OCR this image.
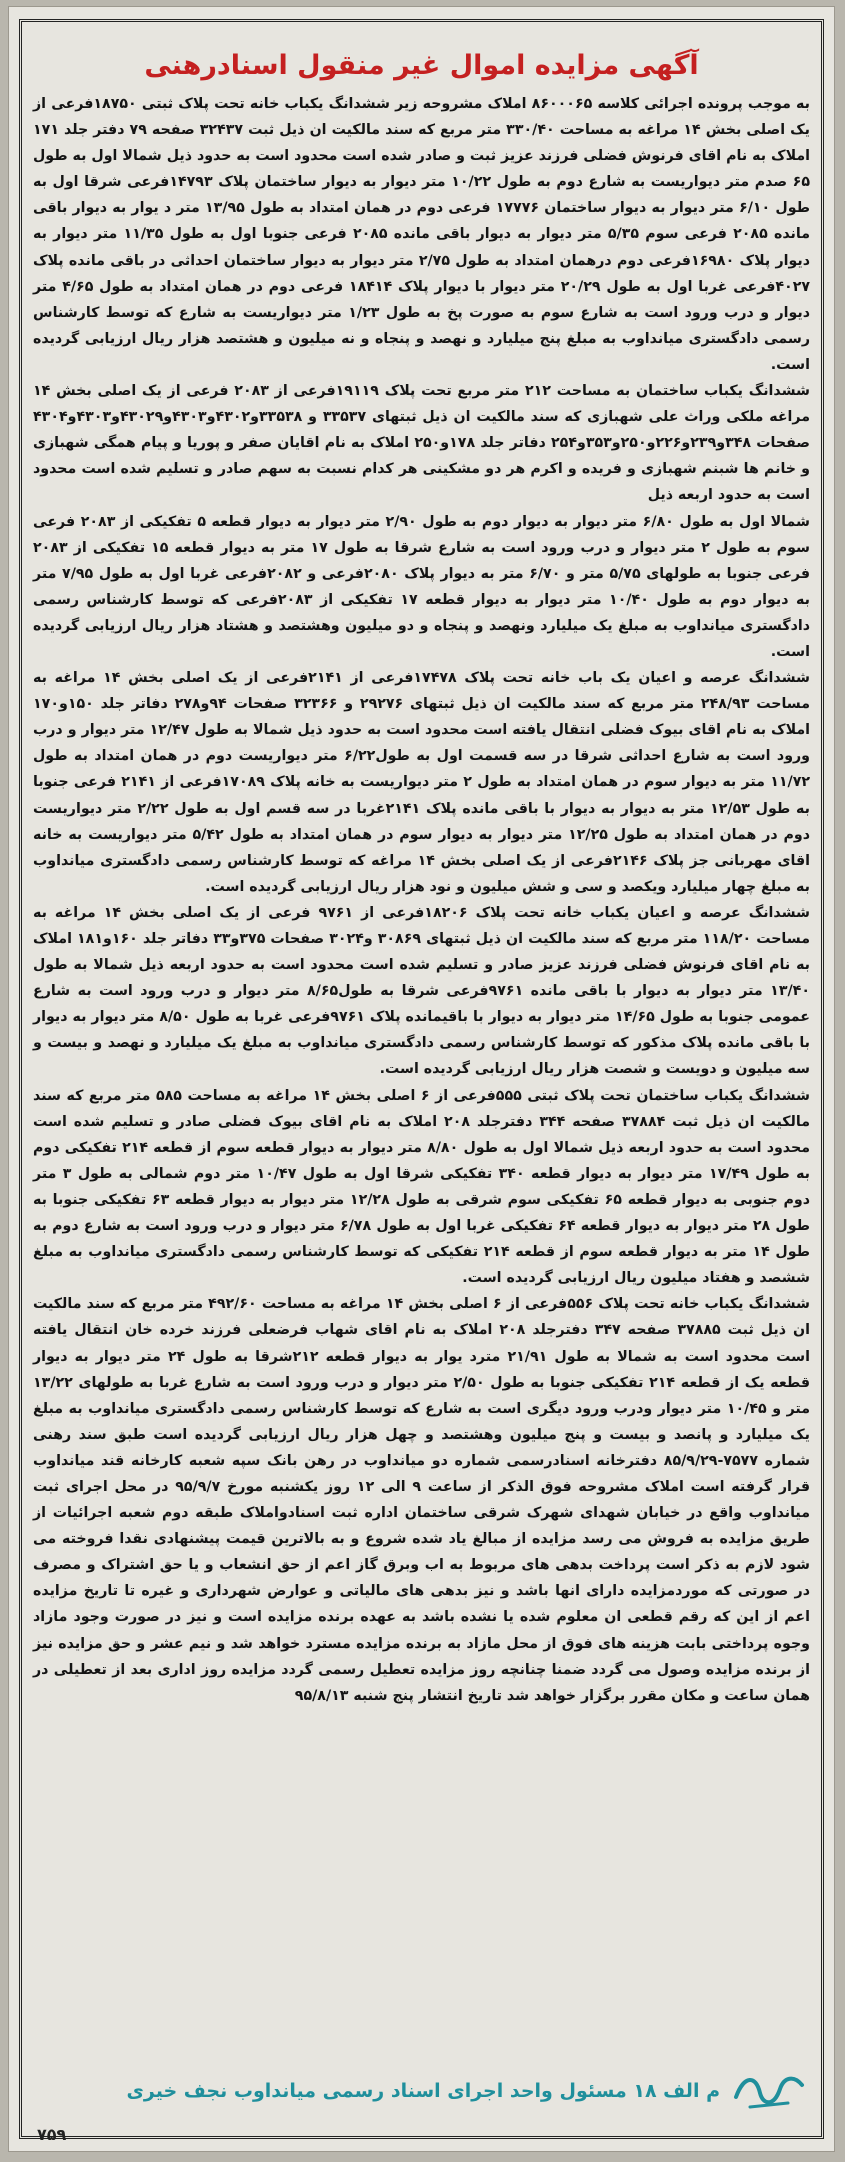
آگهی مزایده اموال غیر منقول اسنادرهنی

به موجب پرونده اجرائی کلاسه ۸۶۰۰۰۶۵ املاک مشروحه زیر ششدانگ یکباب خانه تحت پلاک ثبتی ۱۸۷۵۰فرعی از یک اصلی بخش ۱۴ مراغه به مساحت ۳۳۰/۴۰ متر مربع که سند مالکیت ان ذیل ثبت ۳۲۴۳۷ صفحه ۷۹ دفتر جلد ۱۷۱ املاک به نام اقای فرنوش فضلی فرزند عزیز ثبت و صادر شده است محدود است به حدود ذیل شمالا اول به طول ۶۵ صدم متر دیواریست به شارع دوم به طول ۱۰/۲۲ متر دیوار به دیوار ساختمان پلاک ۱۴۷۹۳فرعی شرقا اول به طول ۶/۱۰ متر دیوار به دیوار ساختمان ۱۷۷۷۶ فرعی دوم در همان امتداد به طول ۱۳/۹۵ متر د یوار به دیوار باقی مانده ۲۰۸۵ فرعی سوم ۵/۳۵ متر دیوار به دیوار باقی مانده ۲۰۸۵ فرعی جنوبا اول به طول ۱۱/۳۵ متر دیوار به دیوار پلاک ۱۶۹۸۰فرعی دوم درهمان امتداد به طول ۲/۷۵ متر دیوار به دیوار ساختمان احداثی در باقی مانده پلاک ۴۰۲۷فرعی غربا اول به طول ۲۰/۲۹ متر دیوار با دیوار پلاک ۱۸۴۱۴ فرعی دوم در همان امتداد به طول ۴/۶۵ متر دیوار و درب ورود است به شارع سوم به صورت پخ به طول ۱/۲۳ متر دیواریست به شارع که توسط کارشناس رسمی دادگستری میانداوب به مبلغ پنج میلیارد و نهصد و پنجاه و نه میلیون و هشتصد هزار ریال ارزیابی گردیده است.

ششدانگ یکباب ساختمان به مساحت ۲۱۲ متر مربع تحت پلاک ۱۹۱۱۹فرعی از ۲۰۸۳ فرعی از یک اصلی بخش ۱۴ مراغه ملکی وراث علی شهبازی که سند مالکیت ان ذیل ثبتهای ۳۳۵۳۷ و ۳۳۵۳۸و۴۳۰۲و۴۳۰۳و۴۳۰۲۹و۴۳۰۳و۴۳۰۴ صفحات ۳۴۸و۲۳۹و۲۲۶و۲۵۰و۳۵۳و۲۵۴ دفاتر جلد ۱۷۸و۲۵۰ املاک به نام اقایان صفر و پوریا و پیام همگی شهبازی و خانم ها شبنم شهبازی و فریده و اکرم هر دو مشکینی هر کدام نسبت به سهم صادر و تسلیم شده است محدود است به حدود اربعه ذیل

شمالا اول به طول ۶/۸۰ متر دیوار به دیوار دوم به طول ۲/۹۰ متر دیوار به دیوار قطعه ۵ تفکیکی از ۲۰۸۳ فرعی سوم به طول ۲ متر دیوار و درب ورود است به شارع شرقا به طول ۱۷ متر به دیوار قطعه ۱۵ تفکیکی از ۲۰۸۳ فرعی جنوبا به طولهای ۵/۷۵ متر و ۶/۷۰ متر به دیوار پلاک ۲۰۸۰فرعی و ۲۰۸۲فرعی غربا اول به طول ۷/۹۵ متر به دیوار دوم به طول ۱۰/۴۰ متر دیوار به دیوار قطعه ۱۷ تفکیکی از ۲۰۸۳فرعی که توسط کارشناس رسمی دادگستری میانداوب به مبلغ یک میلیارد ونهصد و پنجاه و دو میلیون وهشتصد و هشتاد هزار ریال ارزیابی گردیده است.

ششدانگ عرصه و اعیان یک باب خانه تحت پلاک ۱۷۴۷۸فرعی از ۲۱۴۱فرعی از یک اصلی بخش ۱۴ مراغه به مساحت ۲۴۸/۹۳ متر مربع که سند مالکیت ان ذیل ثبتهای ۲۹۲۷۶ و ۳۲۳۶۶ صفحات ۹۴و۲۷۸ دفاتر جلد ۱۵۰و۱۷۰ املاک به نام اقای بیوک فضلی انتقال یافته است محدود است به حدود ذیل شمالا به طول ۱۲/۴۷ متر دیوار و درب ورود است به شارع احداثی شرقا در سه قسمت اول به طول۶/۲۲ متر دیواریست دوم در همان امتداد به طول ۱۱/۷۲ متر به دیوار سوم در همان امتداد به طول ۲ متر دیواریست به خانه پلاک ۱۷۰۸۹فرعی از ۲۱۴۱ فرعی جنوبا به طول ۱۲/۵۳ متر به دیوار به دیوار با باقی مانده پلاک ۲۱۴۱غربا در سه قسم اول به طول ۲/۲۲ متر دیواریست دوم در همان امتداد به طول ۱۲/۲۵ متر دیوار به دیوار سوم در همان امتداد به طول ۵/۴۲ متر دیواریست به خانه اقای مهربانی جز پلاک ۲۱۴۶فرعی از یک اصلی بخش ۱۴ مراغه که توسط کارشناس رسمی دادگستری میانداوب به مبلغ چهار میلیارد ویکصد و سی و شش میلیون و نود هزار ریال ارزیابی گردیده است.

ششدانگ عرصه و اعیان یکباب خانه تحت پلاک ۱۸۲۰۶فرعی از ۹۷۶۱ فرعی از یک اصلی بخش ۱۴ مراغه به مساحت ۱۱۸/۲۰ متر مربع که سند مالکیت ان ذیل ثبتهای ۳۰۸۶۹ و۳۰۲۴ صفحات ۳۷۵و۳۳ دفاتر جلد ۱۶۰و۱۸۱ املاک به نام اقای فرنوش فضلی فرزند عزیز صادر و تسلیم شده است محدود است به حدود اربعه ذیل شمالا به طول ۱۳/۴۰ متر دیوار به دیوار با باقی مانده ۹۷۶۱فرعی شرقا به طول۸/۶۵ متر دیوار و درب ورود است به شارع عمومی جنوبا به طول ۱۴/۶۵ متر دیوار به دیوار با باقیمانده پلاک ۹۷۶۱فرعی غربا به طول ۸/۵۰ متر دیوار به دیوار با باقی مانده پلاک مذکور که توسط کارشناس رسمی دادگستری میانداوب به مبلغ یک میلیارد و نهصد و بیست و سه میلیون و دویست و شصت هزار ریال ارزیابی گردیده است.

ششدانگ یکباب ساختمان تحت پلاک ثبتی ۵۵۵فرعی از ۶ اصلی بخش ۱۴ مراغه به مساحت ۵۸۵ متر مربع که سند مالکیت ان ذیل ثبت ۳۷۸۸۴ صفحه ۳۴۴ دفترجلد ۲۰۸ املاک به نام اقای بیوک فضلی صادر و تسلیم شده است محدود است به حدود اربعه ذیل شمالا اول به طول ۸/۸۰ متر دیوار به دیوار قطعه سوم از قطعه ۲۱۴ تفکیکی دوم به طول ۱۷/۴۹ متر دیوار به دیوار قطعه ۳۴۰ تفکیکی شرقا اول به طول ۱۰/۴۷ متر دوم شمالی به طول ۳ متر دوم جنوبی به دیوار قطعه ۶۵ تفکیکی سوم شرقی به طول ۱۲/۲۸ متر دیوار به دیوار قطعه ۶۳ تفکیکی جنوبا به طول ۲۸ متر دیوار به دیوار قطعه ۶۴ تفکیکی غربا اول به طول ۶/۷۸ متر دیوار و درب ورود است به شارع دوم به طول ۱۴ متر به دیوار قطعه سوم از قطعه ۲۱۴ تفکیکی که توسط کارشناس رسمی دادگستری میانداوب به مبلغ ششصد و هفتاد میلیون ریال ارزیابی گردیده است.

ششدانگ یکباب خانه تحت پلاک ۵۵۶فرعی از ۶ اصلی بخش ۱۴ مراغه به مساحت ۴۹۲/۶۰ متر مربع که سند مالکیت ان ذیل ثبت ۳۷۸۸۵ صفحه ۳۴۷ دفترجلد ۲۰۸ املاک به نام اقای شهاب فرضعلی فرزند خرده خان انتقال یافته است محدود است به شمالا به طول ۲۱/۹۱ مترد یوار به دیوار قطعه ۲۱۲شرقا به طول ۲۴ متر دیوار به دیوار قطعه یک از قطعه ۲۱۴ تفکیکی جنوبا به طول ۲/۵۰ متر دیوار و درب ورود است به شارع غربا به طولهای ۱۳/۲۲ متر و ۱۰/۴۵ متر دیوار ودرب ورود دیگری است به شارع که توسط کارشناس رسمی دادگستری میانداوب به مبلغ یک میلیارد و پانصد و بیست و پنج میلیون وهشتصد و چهل هزار ریال ارزیابی گردیده است طبق سند رهنی شماره ۷۵۷۷-۸۵/۹/۲۹ دفترخانه اسنادرسمی شماره دو میانداوب در رهن بانک سپه شعبه کارخانه قند میانداوب قرار گرفته است املاک مشروحه فوق الذکر از ساعت ۹ الی ۱۲ روز یکشنبه مورخ ۹۵/۹/۷ در محل اجرای ثبت میانداوب واقع در خیابان شهدای شهرک شرقی ساختمان اداره ثبت اسنادواملاک طبقه دوم شعبه اجرائیات از طریق مزایده به فروش می رسد مزایده از مبالغ یاد شده شروع و به بالاترین قیمت پیشنهادی نقدا فروخته می شود لازم به ذکر است پرداخت بدهی های مربوط به اب وبرق گاز اعم از حق انشعاب و یا حق اشتراک و مصرف در صورتی که موردمزایده دارای انها باشد و نیز بدهی های مالیاتی و عوارض شهرداری و غیره تا تاریخ مزایده اعم از این که رقم قطعی ان معلوم شده یا نشده باشد به عهده برنده مزایده است و نیز در صورت وجود مازاد وجوه پرداختی بابت هزینه های فوق از محل مازاد به برنده مزایده مسترد خواهد شد و نیم عشر و حق مزایده نیز از برنده مزایده وصول می گردد ضمنا چنانچه روز مزایده تعطیل رسمی گردد مزایده روز اداری بعد از تعطیلی در همان ساعت و مکان مقرر برگزار خواهد شد تاریخ انتشار پنج شنبه ۹۵/۸/۱۳

م الف ۱۸ مسئول واحد اجرای اسناد رسمی میانداوب نجف خیری
۷۵۹
